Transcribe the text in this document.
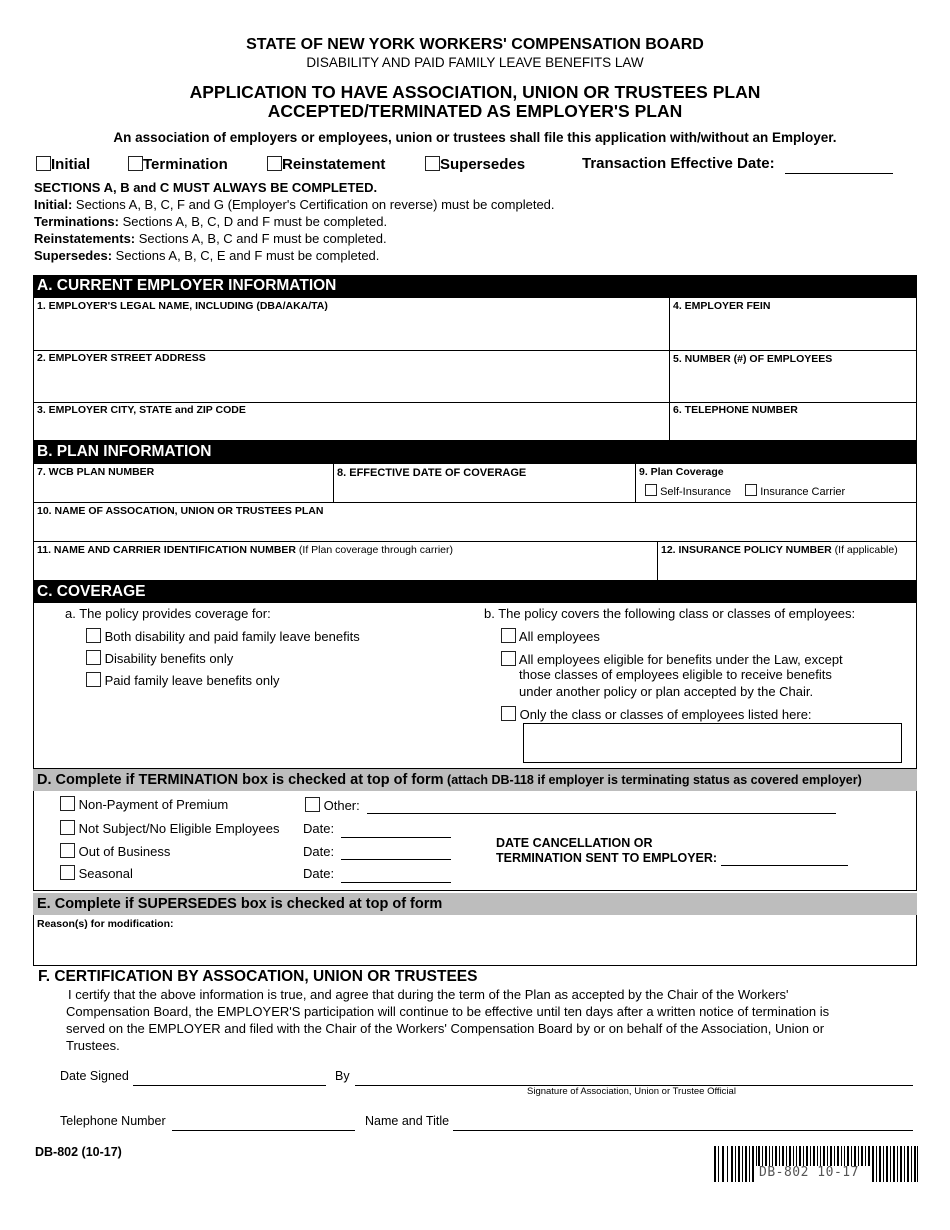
STATE OF NEW YORK WORKERS' COMPENSATION BOARD
DISABILITY AND PAID FAMILY LEAVE BENEFITS LAW
APPLICATION TO HAVE ASSOCIATION, UNION OR TRUSTEES PLAN
ACCEPTED/TERMINATED AS EMPLOYER'S PLAN
An association of employers or employees, union or trustees shall file this application with/without an Employer.
Initial	Termination	Reinstatement	Supersedes	Transaction Effective Date:
SECTIONS A, B and C MUST ALWAYS BE COMPLETED.
Initial: Sections A, B, C, F and G (Employer's Certification on reverse) must be completed.
Terminations: Sections A, B, C, D and F must be completed.
Reinstatements: Sections A, B, C and F must be completed.
Supersedes: Sections A, B, C, E and F must be completed.
A. CURRENT EMPLOYER INFORMATION
1. EMPLOYER'S LEGAL NAME, INCLUDING (DBA/AKA/TA)
2. EMPLOYER STREET ADDRESS
3. EMPLOYER CITY, STATE and ZIP CODE
4. EMPLOYER FEIN
5. NUMBER (#) OF EMPLOYEES
6. TELEPHONE NUMBER
B. PLAN INFORMATION
7. WCB PLAN NUMBER	8. EFFECTIVE DATE OF COVERAGE	9. Plan Coverage
Self-Insurance	Insurance Carrier
10. NAME OF ASSOCATION, UNION OR TRUSTEES PLAN
11. NAME AND CARRIER IDENTIFICATION NUMBER (If Plan coverage through carrier)	12. INSURANCE POLICY NUMBER (If applicable)
C. COVERAGE
a. The policy provides coverage for:
Both disability and paid family leave benefits
Disability benefits only
Paid family leave benefits only
b. The policy covers the following class or classes of employees:
All employees
All employees eligible for benefits under the Law, except
those classes of employees eligible to receive benefits
under another policy or plan accepted by the Chair.
Only the class or classes of employees listed here:
D. Complete if TERMINATION box is checked at top of form (attach DB-118 if employer is terminating status as covered employer)
Non-Payment of Premium	Other:
Not Subject/No Eligible Employees Date:
Out of Business	Date:
Seasonal	Date:
DATE CANCELLATION OR
TERMINATION SENT TO EMPLOYER:
E. Complete if SUPERSEDES box is checked at top of form
Reason(s) for modification:
F. CERTIFICATION BY ASSOCATION, UNION OR TRUSTEES
I certify that the above information is true, and agree that during the term of the Plan as accepted by the Chair of the Workers'
Compensation Board, the EMPLOYER'S participation will continue to be effective until ten days after a written notice of termination is
served on the EMPLOYER and filed with the Chair of the Workers' Compensation Board by or on behalf of the Association, Union or
Trustees.
Date Signed	By
Signature of Association, Union or Trustee Official
Telephone Number	Name and Title
DB-802 (10-17)
DB-802 10-17
